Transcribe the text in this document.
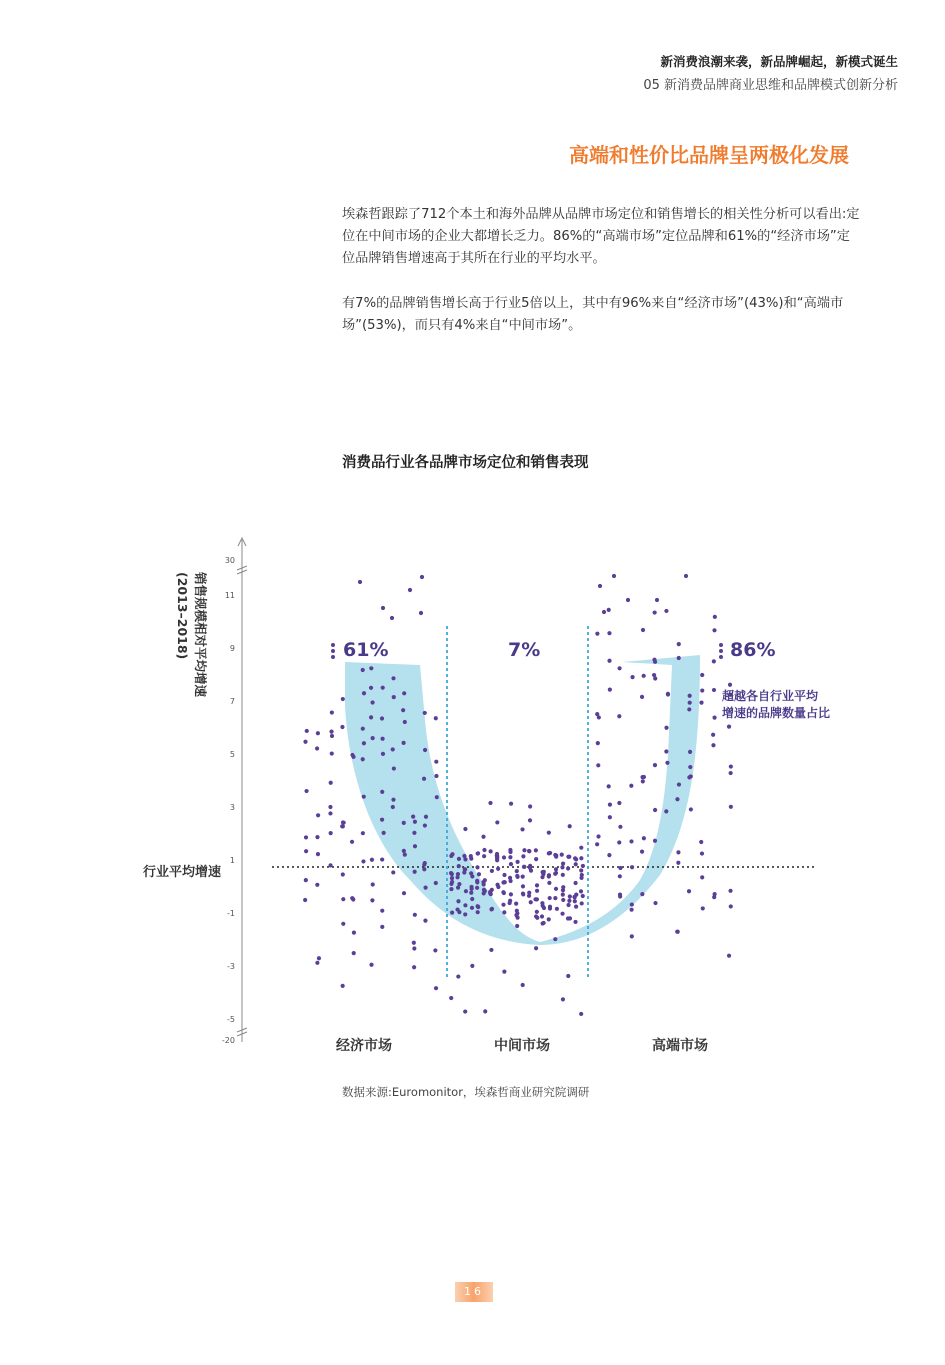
新消费浪潮来袭，新品牌崛起，新模式诞生
05 新消费品牌商业思维和品牌模式创新分析
高端和性价比品牌呈两极化发展

埃森哲跟踪了712个本土和海外品牌从品牌市场定位和销售增长的相关性分析可以看出:定位在中间市场的企业大都增长乏力。86%的“高端市场”定位品牌和61%的“经济市场”定位品牌销售增速高于其所在行业的平均水平。

有7%的品牌销售增长高于行业5倍以上，其中有96%来自“经济市场”(43%)和“高端市场”(53%)，而只有4%来自“中间市场”。

消费品行业各品牌市场定位和销售表现
30
11
9
7
5
3
1
-1
-3
-5
-20
销售规模相对平均增速
(2013–2018)
行业平均增速
61%	7%	86%
超越各自行业平均
增速的品牌数量占比
经济市场	中间市场	高端市场
数据来源:Euromonitor，埃森哲商业研究院调研
16
